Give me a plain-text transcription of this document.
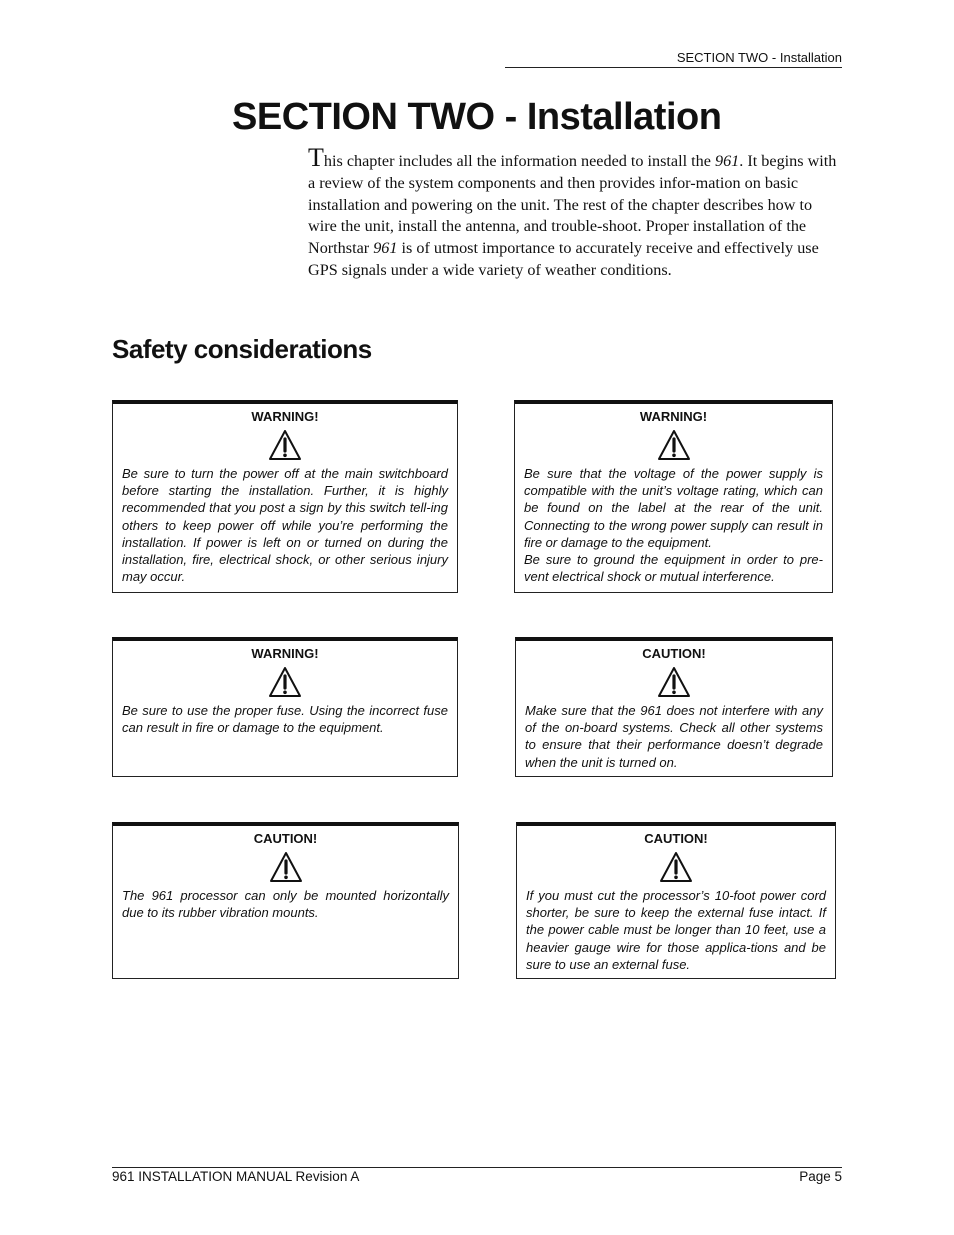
SECTION TWO - Installation
SECTION TWO - Installation

This chapter includes all the information needed to install the 961. It begins with a review of the system components and then provides infor-mation on basic installation and powering on the unit. The rest of the chapter describes how to wire the unit, install the antenna, and trouble-shoot. Proper installation of the Northstar 961 is of utmost importance to accurately receive and effectively use GPS signals under a wide variety of weather conditions.

Safety considerations
WARNING!

Be sure to turn the power off at the main switchboard before starting the installation. Further, it is highly recommended that you post a sign by this switch tell-ing others to keep power off while you’re performing the installation. If power is left on or turned on during the installation, fire, electrical shock, or other serious injury may occur.

WARNING!

Be sure that the voltage of the power supply is compatible with the unit’s voltage rating, which can be found on the label at the rear of the unit. Connecting to the wrong power supply can result in fire or damage to the equipment.

Be sure to ground the equipment in order to pre-vent electrical shock or mutual interference.

WARNING!

Be sure to use the proper fuse. Using the incorrect fuse can result in fire or damage to the equipment.

CAUTION!

Make sure that the 961 does not interfere with any of the on-board systems. Check all other systems to ensure that their performance doesn’t degrade when the unit is turned on.

CAUTION!

The 961 processor can only be mounted horizontally due to its rubber vibration mounts.

CAUTION!

If you must cut the processor’s 10-foot power cord shorter, be sure to keep the external fuse intact. If the power cable must be longer than 10 feet, use a heavier gauge wire for those applica-tions and be sure to use an external fuse.

961 INSTALLATION MANUAL Revision A	Page 5
